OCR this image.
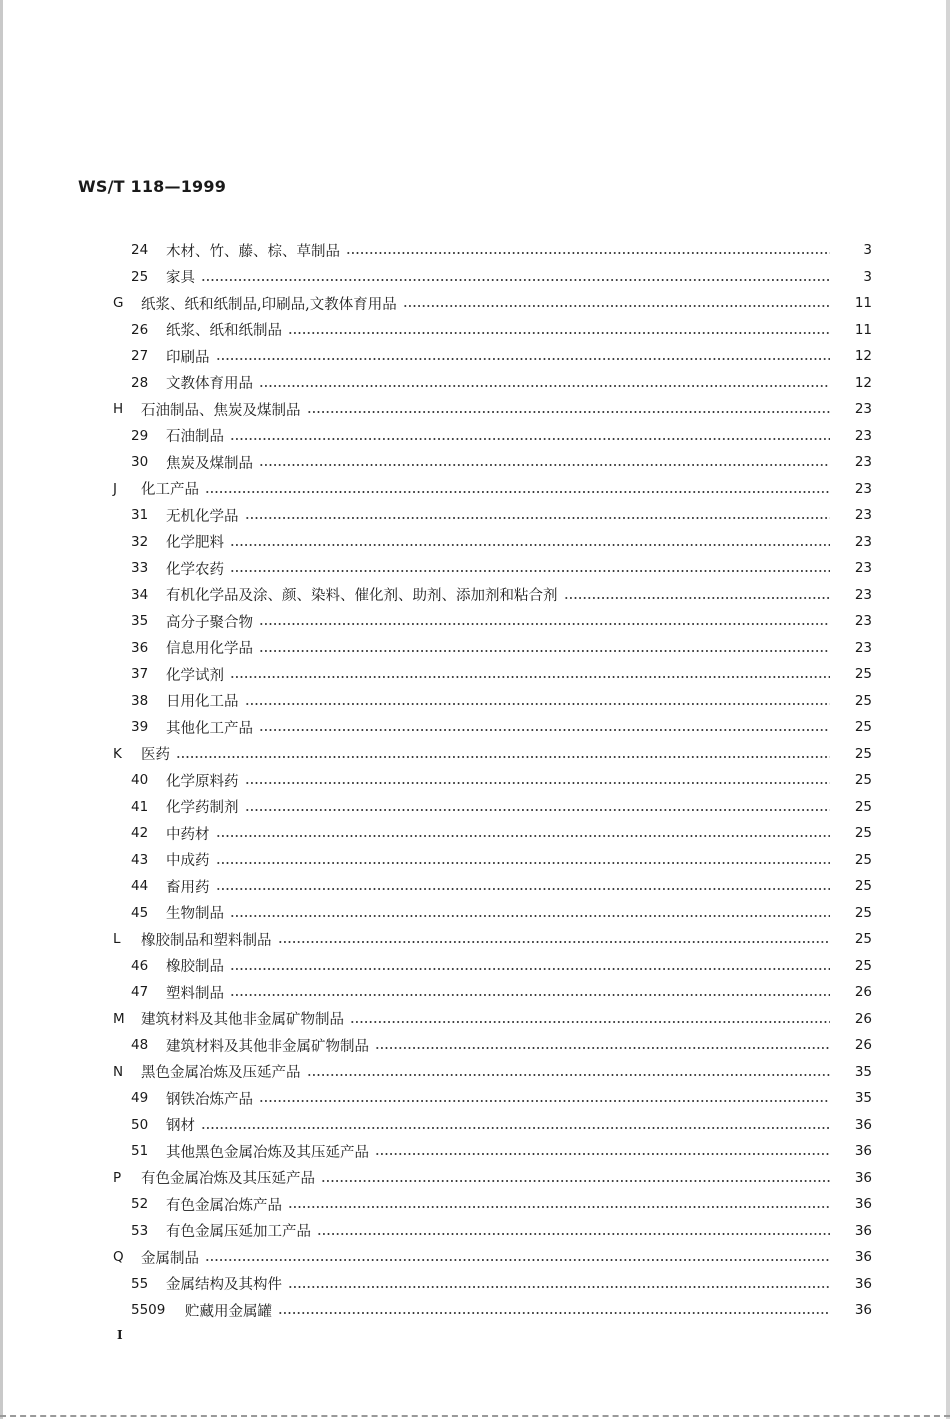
WS/T 118—1999
24	木材、竹、藤、棕、草制品	3
25	家具	3
G	纸浆、纸和纸制品,印刷品,文教体育用品	11
26	纸浆、纸和纸制品	11
27	印刷品	12
28	文教体育用品	12
H	石油制品、焦炭及煤制品	23
29	石油制品	23
30	焦炭及煤制品	23
J	化工产品	23
31	无机化学品	23
32	化学肥料	23
33	化学农药	23
34	有机化学品及涂、颜、染料、催化剂、助剂、添加剂和粘合剂	23
35	高分子聚合物	23
36	信息用化学品	23
37	化学试剂	25
38	日用化工品	25
39	其他化工产品	25
K	医药	25
40	化学原料药	25
41	化学药制剂	25
42	中药材	25
43	中成药	25
44	畜用药	25
45	生物制品	25
L	橡胶制品和塑料制品	25
46	橡胶制品	25
47	塑料制品	26
M	建筑材料及其他非金属矿物制品	26
48	建筑材料及其他非金属矿物制品	26
N	黑色金属冶炼及压延产品	35
49	钢铁冶炼产品	35
50	钢材	36
51	其他黑色金属冶炼及其压延产品	36
P	有色金属冶炼及其压延产品	36
52	有色金属冶炼产品	36
53	有色金属压延加工产品	36
Q	金属制品	36
55	金属结构及其构件	36
5509	贮藏用金属罐	36
I
